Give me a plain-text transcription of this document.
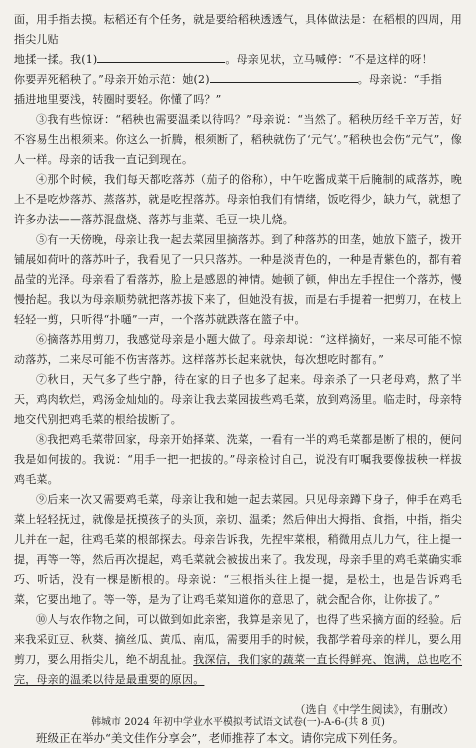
面，用手指去摸。耘稻还有个任务，就是要给稻秧透透气，具体做法是：在稻根的四周，用指尖儿贴
地揉一揉。我(1)	。母亲见状，立马喊停：“不是这样的呀！
你要弄死稻秧了。”母亲开始示范：她(2)	。母亲说：“手指
插进地里要浅，转圈时要轻。你懂了吗？”

③我有些惊讶：“稻秧也需要温柔以待吗？”母亲说：“当然了。稻秧历经千辛万苦，好不容易生出根须来。你这么一折腾，根须断了，稻秧就伤了‘元气’。”稻秧也会伤“元气”，像人一样。母亲的话我一直记到现在。

④那个时候，我们每天都吃落苏（茄子的俗称），中午吃酱成菜干后腌制的咸落苏，晚上不是吃炒落苏、蒸落苏，就是吃捏落苏。母亲怕我们有情绪，饭吃得少，缺力气，就想了许多办法——落苏混盘烧、落苏与韭菜、毛豆一块儿烧。

⑤有一天傍晚，母亲让我一起去菜园里摘落苏。到了种落苏的田垄，她放下篮子，拨开铺展如荷叶的落苏叶子，我看见了一只只落苏。一种是淡青色的，一种是青紫色的，都有着晶莹的光泽。母亲看了看落苏，脸上是感恩的神情。她顿了顿，伸出左手捏住一个落苏，慢慢抬起。我以为母亲顺势就把落苏拔下来了，但她没有拔，而是右手提着一把剪刀，在枝上轻轻一剪，只听得“扑嗵”一声，一个落苏就跌落在篮子中。

⑥摘落苏用剪刀，我感觉母亲是小题大做了。母亲却说：“这样摘好，一来尽可能不惊动落苏，二来尽可能不伤害落苏。这样落苏长起来就快，每次想吃时都有。”

⑦秋日，天气多了些宁静，待在家的日子也多了起来。母亲杀了一只老母鸡，熬了半天，鸡肉软烂，鸡汤金灿灿的。母亲让我去菜园拔些鸡毛菜，放到鸡汤里。临走时，母亲特地交代别把鸡毛菜的根给拔断了。

⑧我把鸡毛菜带回家，母亲开始择菜、洗菜，一看有一半的鸡毛菜都是断了根的，便问我是如何拔的。我说：“用手一把一把拔的。”母亲检讨自己，说没有叮嘱我要像拔秧一样拔鸡毛菜。

⑨后来一次又需要鸡毛菜，母亲让我和她一起去菜园。只见母亲蹲下身子，伸手在鸡毛菜上轻轻抚过，就像是抚摸孩子的头顶，亲切、温柔；然后伸出大拇指、食指，中指，指尖儿并在一起，往鸡毛菜的根部探去。母亲告诉我，先捏牢菜根，稍微用点儿力气，往上提一提，再等一等，然后再次提起，鸡毛菜就会被拔出来了。我发现，母亲手里的鸡毛菜确实乖巧、听话，没有一棵是断根的。母亲说：“三根指头往上提一提，是松土，也是告诉鸡毛菜，它要出地了。等一等，是为了让鸡毛菜知道你的意思了，就会配合你，让你拔了。”

⑩人与农作物之间，可以做到如此亲密，我算是亲见了，也得了些采摘方面的经验。后来我采豇豆、秋葵、摘丝瓜、黄瓜、南瓜，需要用手的时候，我都学着母亲的样儿，要么用剪刀，要么用指尖儿，绝不胡乱扯。我深信，我们家的蔬菜一直长得鲜亮、饱满，总也吃不完，母亲的温柔以待是最重要的原因。

（选自《中学生阅读》，有删改）
班级正在举办“美文佳作分享会”，老师推荐了本文。请你完成下列任务。
韩城市 2024 年初中学业水平模拟考试语文试卷(一)-A-6-(共 8 页)
